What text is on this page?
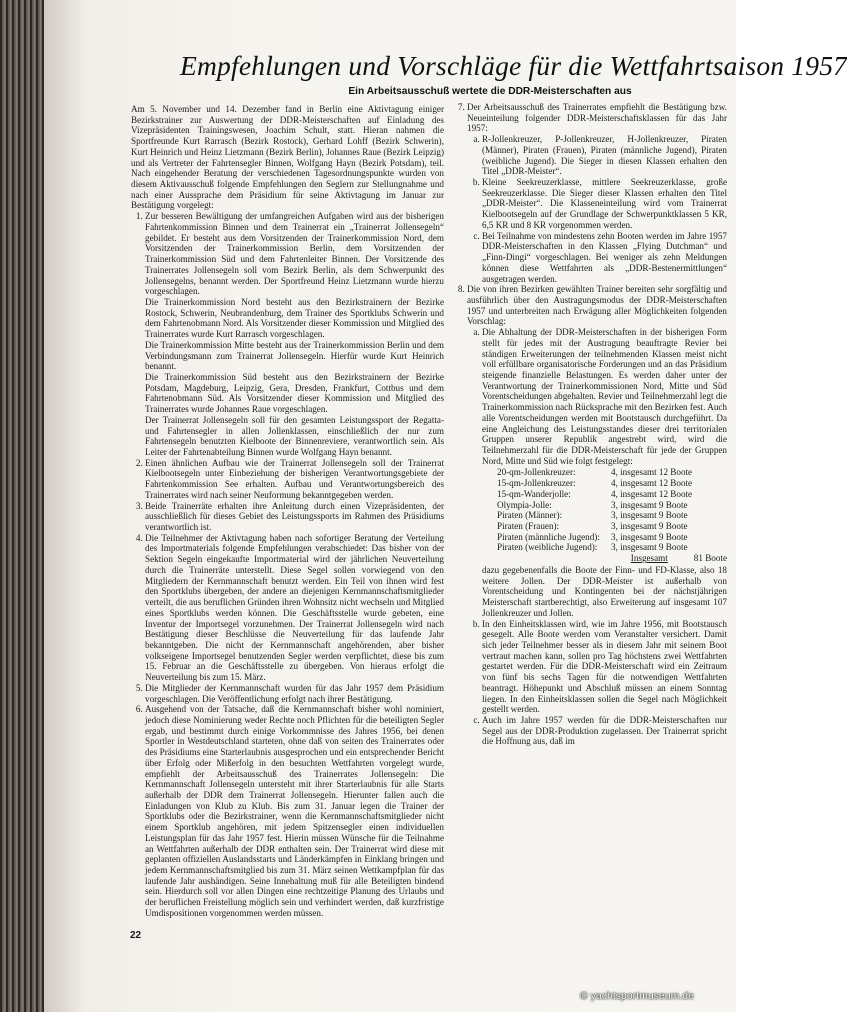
Empfehlungen und Vorschläge für die Wettfahrtsaison 1957
Ein Arbeitsausschuß wertete die DDR-Meisterschaften aus

Am 5. November und 14. Dezember fand in Berlin eine Aktivtagung einiger Bezirkstrainer zur Auswertung der DDR-Meisterschaften auf Einladung des Vizepräsidenten Trainingswesen, Joachim Schult, statt. Hieran nahmen die Sportfreunde Kurt Rarrasch (Bezirk Rostock), Gerhard Lohff (Bezirk Schwerin), Kurt Heinrich und Heinz Lietzmann (Bezirk Berlin), Johannes Raue (Bezirk Leipzig) und als Vertreter der Fahrtensegler Binnen, Wolfgang Hayn (Bezirk Potsdam), teil. Nach eingehender Beratung der verschiedenen Tagesordnungspunkte wurden von diesem Aktivausschuß folgende Empfehlungen den Seglern zur Stellungnahme und nach einer Aussprache dem Präsidium für seine Aktivtagung im Januar zur Bestätigung vorgelegt:

1. Zur besseren Bewältigung der umfangreichen Aufgaben wird aus der bisherigen Fahrtenkommission Binnen und dem Trainerrat ein „Trainerrat Jollensegeln“ gebildet. Er besteht aus dem Vorsitzenden der Trainerkommission Nord, dem Vorsitzenden der Trainerkommission Berlin, dem Vorsitzenden der Trainerkommission Süd und dem Fahrtenleiter Binnen. Der Vorsitzende des Trainerrates Jollensegeln soll vom Bezirk Berlin, als dem Schwerpunkt des Jollensegelns, benannt werden. Der Sportfreund Heinz Lietzmann wurde hierzu vorgeschlagen.

Die Trainerkommission Nord besteht aus den Bezirkstrainern der Bezirke Rostock, Schwerin, Neubrandenburg, dem Trainer des Sportklubs Schwerin und dem Fahrtenobmann Nord. Als Vorsitzender dieser Kommission und Mitglied des Trainerrates wurde Kurt Rarrasch vorgeschlagen.

Die Trainerkommission Mitte besteht aus der Trainerkommission Berlin und dem Verbindungsmann zum Trainerrat Jollensegeln. Hierfür wurde Kurt Heinrich benannt.

Die Trainerkommission Süd besteht aus den Bezirkstrainern der Bezirke Potsdam, Magdeburg, Leipzig, Gera, Dresden, Frankfurt, Cottbus und dem Fahrtenobmann Süd. Als Vorsitzender dieser Kommission und Mitglied des Trainerrates wurde Johannes Raue vorgeschlagen.

Der Trainerrat Jollensegeln soll für den gesamten Leistungssport der Regatta- und Fahrtensegler in allen Jollenklassen, einschließlich der nur zum Fahrtensegeln benutzten Kielboote der Binnenreviere, verantwortlich sein. Als Leiter der Fahrtenabteilung Binnen wurde Wolfgang Hayn benannt.

2. Einen ähnlichen Aufbau wie der Trainerrat Jollensegeln soll der Trainerrat Kielbootsegeln unter Einbeziehung der bisherigen Verantwortungsgebiete der Fahrtenkommission See erhalten. Aufbau und Verantwortungsbereich des Trainerrates wird nach seiner Neuformung bekanntgegeben werden.

3. Beide Trainerräte erhalten ihre Anleitung durch einen Vizepräsidenten, der ausschließlich für dieses Gebiet des Leistungssports im Rahmen des Präsidiums verantwortlich ist.

4. Die Teilnehmer der Aktivtagung haben nach sofortiger Beratung der Verteilung des Importmaterials folgende Empfehlungen verabschiedet: Das bisher von der Sektion Segeln eingekaufte Importmaterial wird der jährlichen Neuverteilung durch die Trainerräte unterstellt. Diese Segel sollen vorwiegend von den Mitgliedern der Kernmannschaft benutzt werden. Ein Teil von ihnen wird fest den Sportklubs übergeben, der andere an diejenigen Kernmannschaftsmitglieder verteilt, die aus beruflichen Gründen ihren Wohnsitz nicht wechseln und Mitglied eines Sportklubs werden können. Die Geschäftsstelle wurde gebeten, eine Inventur der Importsegel vorzunehmen. Der Trainerrat Jollensegeln wird nach Bestätigung dieser Beschlüsse die Neuverteilung für das laufende Jahr bekanntgeben. Die nicht der Kernmannschaft angehörenden, aber bisher volkseigene Importsegel benutzenden Segler werden verpflichtet, diese bis zum 15. Februar an die Geschäftsstelle zu übergeben. Von hieraus erfolgt die Neuverteilung bis zum 15. März.

5. Die Mitglieder der Kernmannschaft wurden für das Jahr 1957 dem Präsidium vorgeschlagen. Die Veröffentlichung erfolgt nach ihrer Bestätigung.

6. Ausgehend von der Tatsache, daß die Kernmannschaft bisher wohl nominiert, jedoch diese Nominierung weder Rechte noch Pflichten für die beteiligten Segler ergab, und bestimmt durch einige Vorkommnisse des Jahres 1956, bei denen Sportler in Westdeutschland starteten, ohne daß von seiten des Trainerrates oder des Präsidiums eine Starterlaubnis ausgesprochen und ein entsprechender Bericht über Erfolg oder Mißerfolg in den besuchten Wettfahrten vorgelegt wurde, empfiehlt der Arbeitsausschuß des Trainerrates Jollensegeln: Die Kernmannschaft Jollensegeln untersteht mit ihrer Starterlaubnis für alle Starts außerhalb der DDR dem Trainerrat Jollensegeln. Hierunter fallen auch die Einladungen von Klub zu Klub. Bis zum 31. Januar legen die Trainer der Sportklubs oder die Bezirkstrainer, wenn die Kernmannschaftsmitglieder nicht einem Sportklub angehören, mit jedem Spitzensegler einen individuellen Leistungsplan für das Jahr 1957 fest. Hierin müssen Wünsche für die Teilnahme an Wettfahrten außerhalb der DDR enthalten sein. Der Trainerrat wird diese mit geplanten offiziellen Auslandsstarts und Länderkämpfen in Einklang bringen und jedem Kernmannschaftsmitglied bis zum 31. März seinen Wettkampfplan für das laufende Jahr aushändigen. Seine Innehaltung muß für alle Beteiligten bindend sein. Hierdurch soll vor allen Dingen eine rechtzeitige Planung des Urlaubs und der beruflichen Freistellung möglich sein und verhindert werden, daß kurzfristige Umdispositionen vorgenommen werden müssen.

7. Der Arbeitsausschuß des Trainerrates empfiehlt die Bestätigung bzw. Neueinteilung folgender DDR-Meisterschaftsklassen für das Jahr 1957:

a. R-Jollenkreuzer, P-Jollenkreuzer, H-Jollenkreuzer, Piraten (Männer), Piraten (Frauen), Piraten (männliche Jugend), Piraten (weibliche Jugend). Die Sieger in diesen Klassen erhalten den Titel „DDR-Meister“.
b. Kleine Seekreuzerklasse, mittlere Seekreuzerklasse, große Seekreuzerklasse. Die Sieger dieser Klassen erhalten den Titel „DDR-Meister“. Die Klasseneinteilung wird vom Trainerrat Kielbootsegeln auf der Grundlage der Schwerpunktklassen 5 KR, 6,5 KR und 8 KR vorgenommen werden.
c. Bei Teilnahme von mindestens zehn Booten werden im Jahre 1957 DDR-Meisterschaften in den Klassen „Flying Dutchman“ und „Finn-Dingi“ vorgeschlagen. Bei weniger als zehn Meldungen können diese Wettfahrten als „DDR-Bestenermittlungen“ ausgetragen werden.

8. Die von ihren Bezirken gewählten Trainer bereiten sehr sorgfältig und ausführlich über den Austragungsmodus der DDR-Meisterschaften 1957 und unterbreiten nach Erwägung aller Möglichkeiten folgenden Vorschlag:

a. Die Abhaltung der DDR-Meisterschaften in der bisherigen Form stellt für jedes mit der Austragung beauftragte Revier bei ständigen Erweiterungen der teilnehmenden Klassen meist nicht voll erfüllbare organisatorische Forderungen und an das Präsidium steigende finanzielle Belastungen. Es werden daher unter der Verantwortung der Trainerkommissionen Nord, Mitte und Süd Vorentscheidungen abgehalten. Revier und Teilnehmerzahl legt die Trainerkommission nach Rücksprache mit den Bezirken fest. Auch alle Vorentscheidungen werden mit Bootstausch durchgeführt. Da eine Angleichung des Leistungsstandes dieser drei territorialen Gruppen unserer Republik angestrebt wird, wird die Teilnehmerzahl für die DDR-Meisterschaft für jede der Gruppen Nord, Mitte und Süd wie folgt festgelegt:
20-qm-Jollenkreuzer:	4, insgesamt 12 Boote
15-qm-Jollenkreuzer:	4, insgesamt 12 Boote
15-qm-Wanderjolle:	4, insgesamt 12 Boote
Olympia-Jolle:	3, insgesamt 9 Boote
Piraten (Männer):	3, insgesamt 9 Boote
Piraten (Frauen):	3, insgesamt 9 Boote
Piraten (männliche Jugend): 3, insgesamt 9 Boote
Piraten (weibliche Jugend): 3, insgesamt 9 Boote
Insgesamt	81 Boote
dazu gegebenenfalls die Boote der Finn- und FD-Klasse, also 18 weitere Jollen. Der DDR-Meister ist außerhalb von Vorentscheidung und Kontingenten bei der nächstjährigen Meisterschaft startberechtigt, also Erweiterung auf insgesamt 107 Jollenkreuzer und Jollen.
b. In den Einheitsklassen wird, wie im Jahre 1956, mit Bootstausch gesegelt. Alle Boote werden vom Veranstalter versichert. Damit sich jeder Teilnehmer besser als in diesem Jahr mit seinem Boot vertraut machen kann, sollen pro Tag höchstens zwei Wettfahrten gestartet werden. Für die DDR-Meisterschaft wird ein Zeitraum von fünf bis sechs Tagen für die notwendigen Wettfahrten beantragt. Höhepunkt und Abschluß müssen an einem Sonntag liegen. In den Einheitsklassen sollen die Segel nach Möglichkeit gestellt werden.
c. Auch im Jahre 1957 werden für die DDR-Meisterschaften nur Segel aus der DDR-Produktion zugelassen. Der Trainerrat spricht die Hoffnung aus, daß im
22
© yachtsportmuseum.de
